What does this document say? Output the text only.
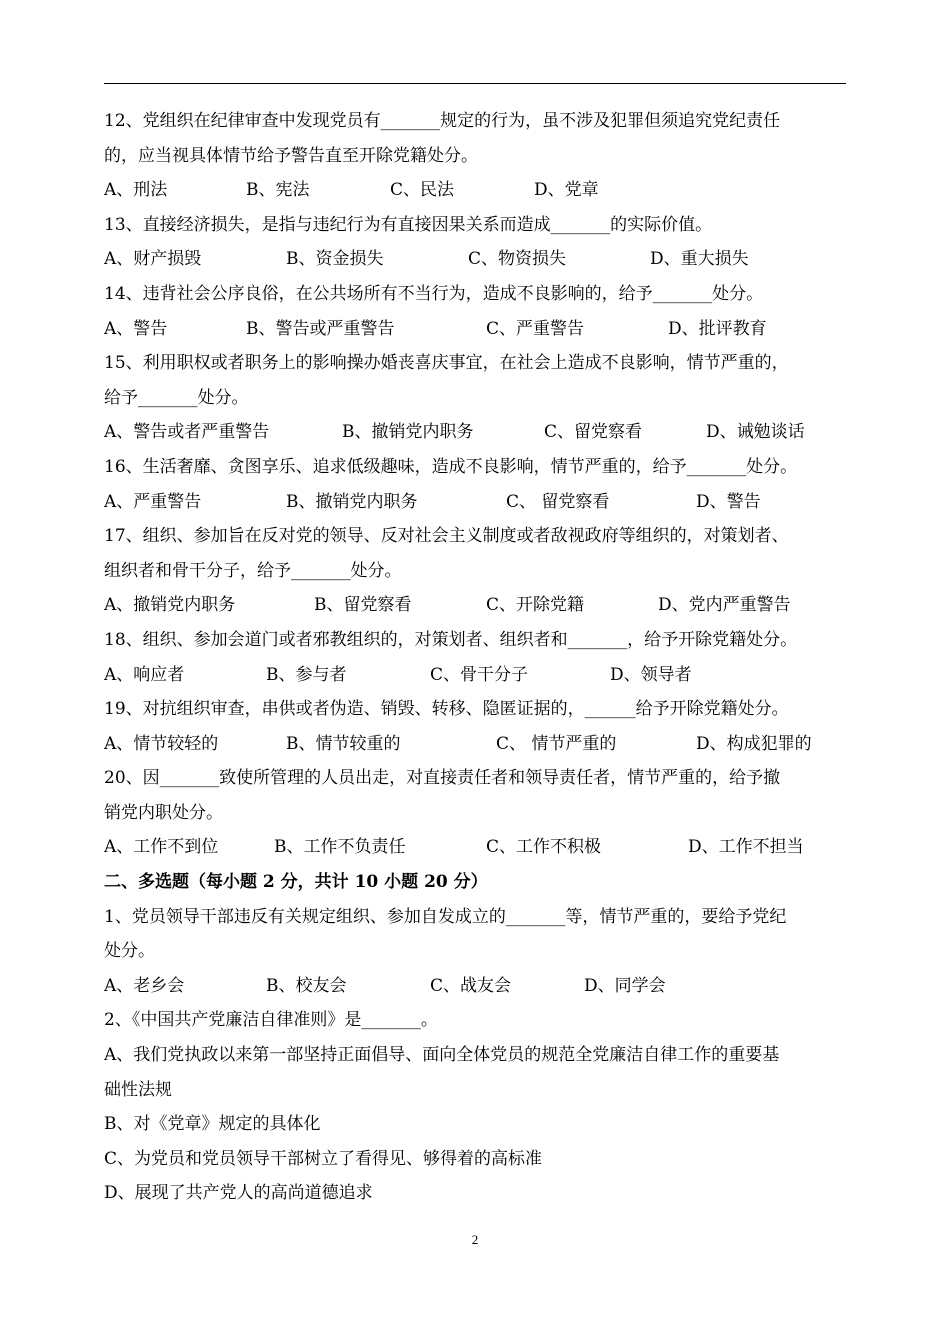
12、党组织在纪律审查中发现党员有_______规定的行为，虽不涉及犯罪但须追究党纪责任
的，应当视具体情节给予警告直至开除党籍处分。
A、刑法	B、宪法	C、民法	D、党章
13、直接经济损失，是指与违纪行为有直接因果关系而造成_______的实际价值。
A、财产损毁	B、资金损失	C、物资损失	D、重大损失
14、违背社会公序良俗，在公共场所有不当行为，造成不良影响的，给予_______处分。
A、警告	B、警告或严重警告	C、严重警告	D、批评教育
15、利用职权或者职务上的影响操办婚丧喜庆事宜，在社会上造成不良影响，情节严重的，
给予_______处分。
A、警告或者严重警告	B、撤销党内职务	C、留党察看	D、诫勉谈话
16、生活奢靡、贪图享乐、追求低级趣味，造成不良影响，情节严重的，给予_______处分。
A、严重警告	B、撤销党内职务	C、 留党察看	D、警告
17、组织、参加旨在反对党的领导、反对社会主义制度或者敌视政府等组织的，对策划者、
组织者和骨干分子，给予_______处分。
A、撤销党内职务	B、留党察看	C、开除党籍	D、党内严重警告
18、组织、参加会道门或者邪教组织的，对策划者、组织者和_______，给予开除党籍处分。
A、响应者	B、参与者	C、骨干分子	D、领导者
19、对抗组织审查，串供或者伪造、销毁、转移、隐匿证据的，______给予开除党籍处分。
A、情节较轻的	B、情节较重的	C、 情节严重的	D、构成犯罪的
20、因_______致使所管理的人员出走，对直接责任者和领导责任者，情节严重的，给予撤
销党内职处分。
A、工作不到位	B、工作不负责任	C、工作不积极	D、工作不担当
二、多选题（每小题 2 分，共计 10 小题 20 分）
1、党员领导干部违反有关规定组织、参加自发成立的_______等，情节严重的，要给予党纪
处分。
A、老乡会	B、校友会	C、战友会	D、同学会
2、《中国共产党廉洁自律准则》是_______。
A、我们党执政以来第一部坚持正面倡导、面向全体党员的规范全党廉洁自律工作的重要基
础性法规
B、对《党章》规定的具体化
C、为党员和党员领导干部树立了看得见、够得着的高标准
D、展现了共产党人的高尚道德追求
2
